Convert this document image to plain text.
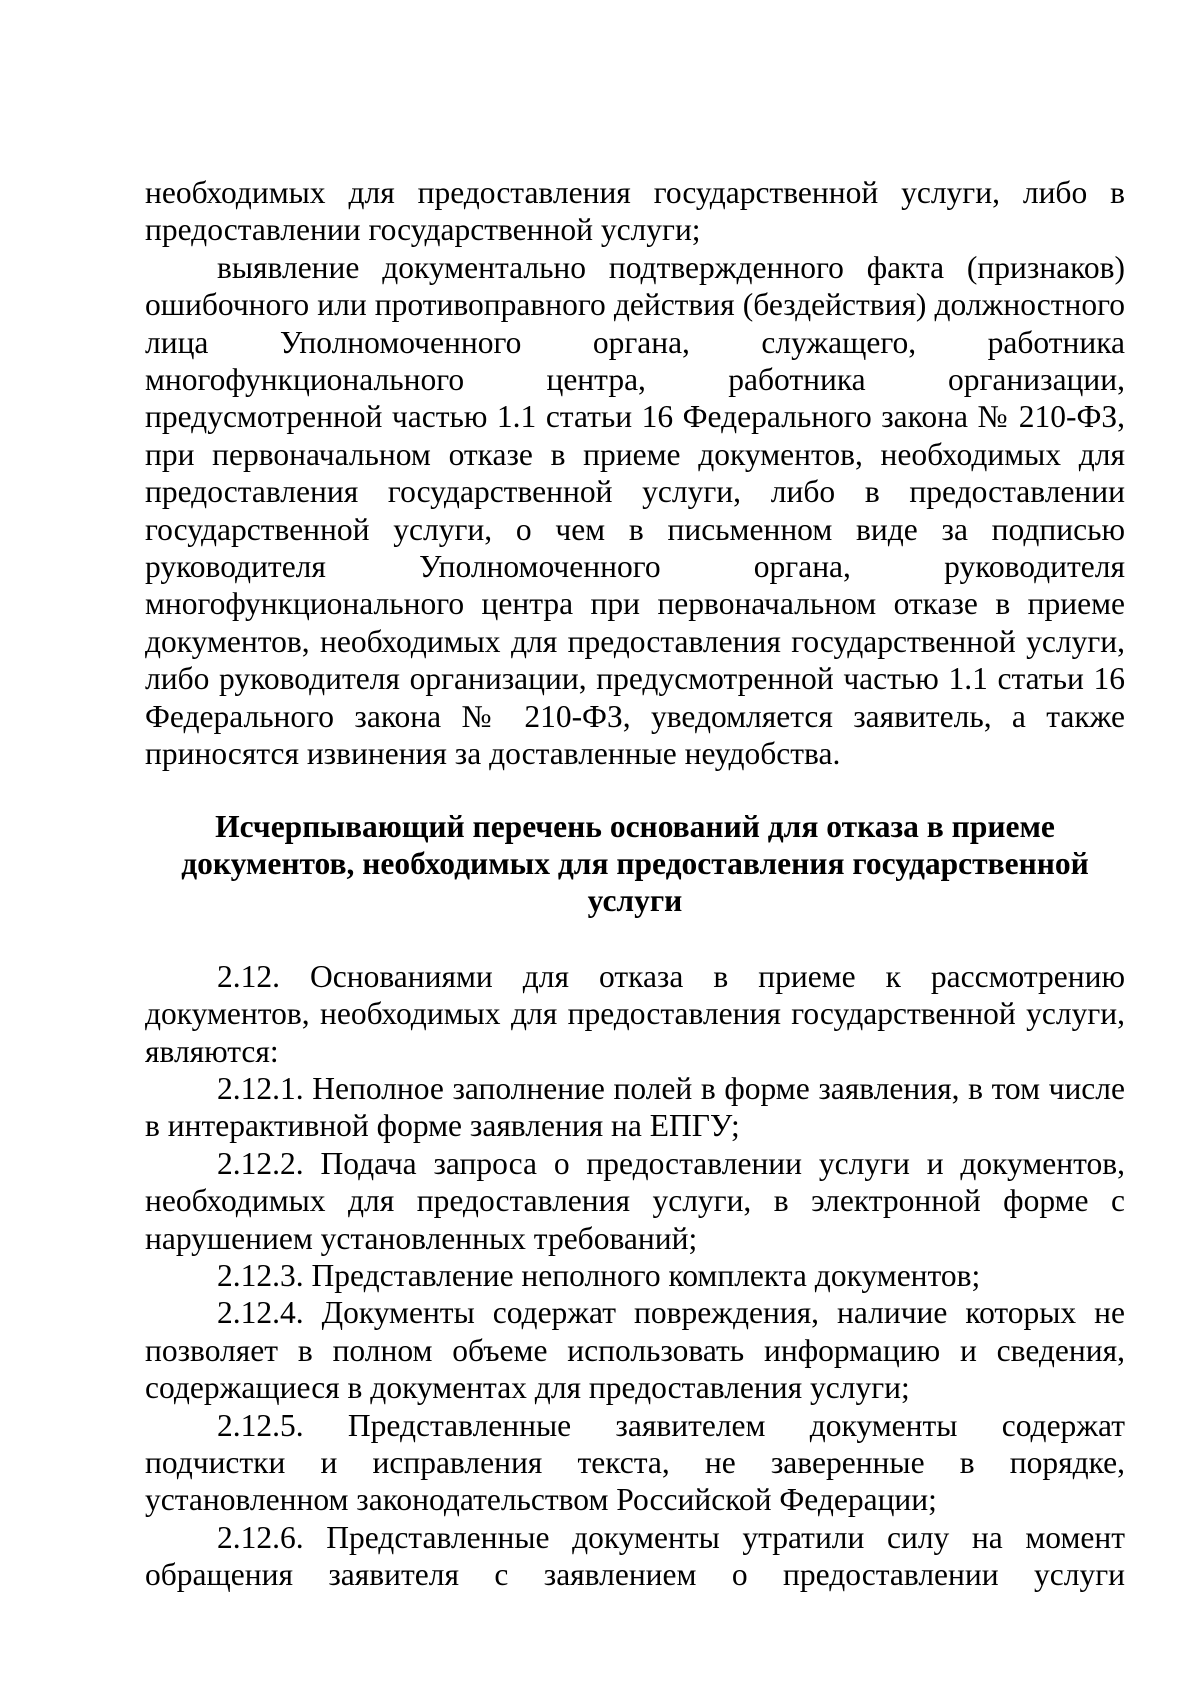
необходимых для предоставления государственной услуги, либо в предоставлении государственной услуги;

выявление документально подтвержденного факта (признаков) ошибочного или противоправного действия (бездействия) должностного лица Уполномоченного органа, служащего, работника многофункционального центра, работника организации, предусмотренной частью 1.1 статьи 16 Федерального закона № 210-ФЗ, при первоначальном отказе в приеме документов, необходимых для предоставления государственной услуги, либо в предоставлении государственной услуги, о чем в письменном виде за подписью руководителя Уполномоченного органа, руководителя многофункционального центра при первоначальном отказе в приеме документов, необходимых для предоставления государственной услуги, либо руководителя организации, предусмотренной частью 1.1 статьи 16 Федерального закона № 210-ФЗ, уведомляется заявитель, а также приносятся извинения за доставленные неудобства.

Исчерпывающий перечень оснований для отказа в приеме документов, необходимых для предоставления государственной услуги

2.12. Основаниями для отказа в приеме к рассмотрению документов, необходимых для предоставления государственной услуги, являются:

2.12.1. Неполное заполнение полей в форме заявления, в том числе в интерактивной форме заявления на ЕПГУ;

2.12.2. Подача запроса о предоставлении услуги и документов, необходимых для предоставления услуги, в электронной форме с нарушением установленных требований;

2.12.3. Представление неполного комплекта документов;

2.12.4. Документы содержат повреждения, наличие которых не позволяет в полном объеме использовать информацию и сведения, содержащиеся в документах для предоставления услуги;

2.12.5. Представленные заявителем документы содержат подчистки и исправления текста, не заверенные в порядке, установленном законодательством Российской Федерации;

2.12.6. Представленные документы утратили силу на момент обращения заявителя с заявлением о предоставлении услуги
